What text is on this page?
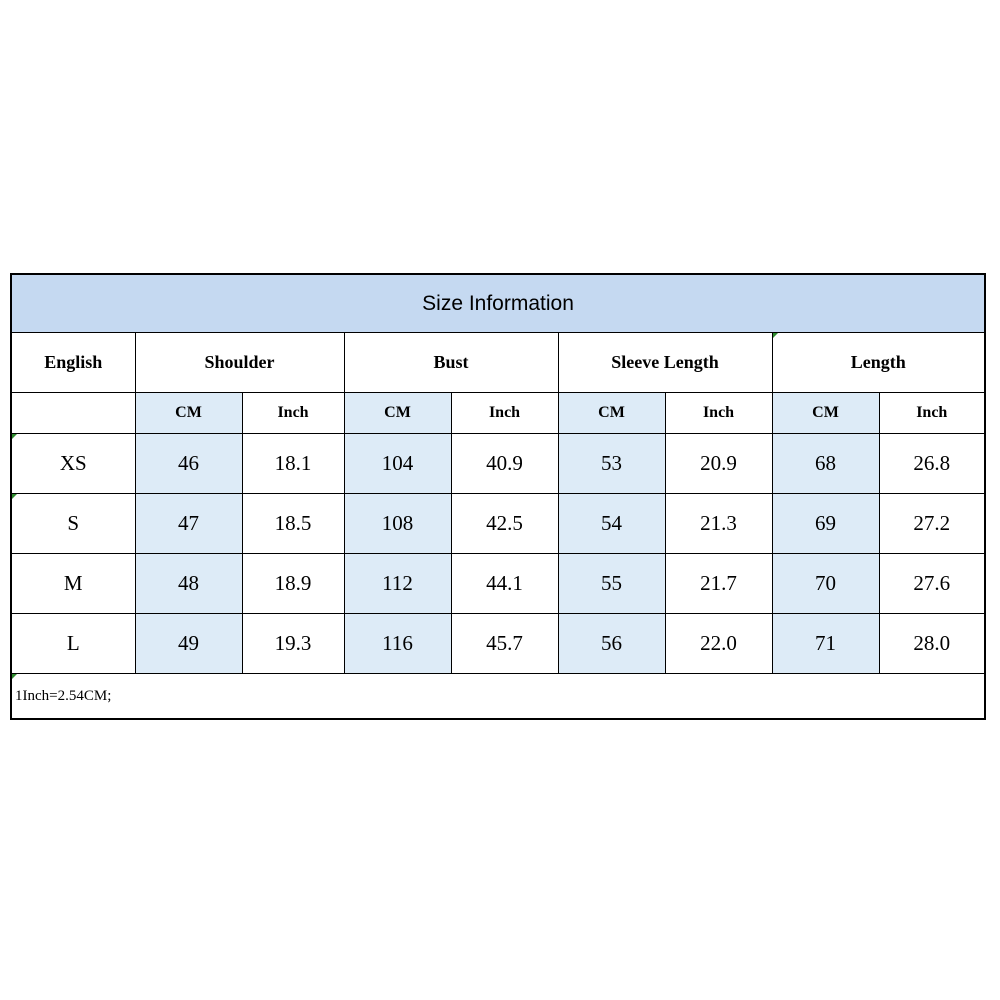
Size Information								
English	Shoulder		Bust		Sleeve Length		Length	
	CM	Inch	CM	Inch	CM	Inch	CM	Inch

XS	46	18.1	104	40.9	53	20.9	68	26.8

S	47	18.5	108	42.5	54	21.3	69	27.2
M	48	18.9	112	44.1	55	21.7	70	27.6
L	49	19.3	116	45.7	56	22.0	71	28.0

1Inch=2.54CM;								
